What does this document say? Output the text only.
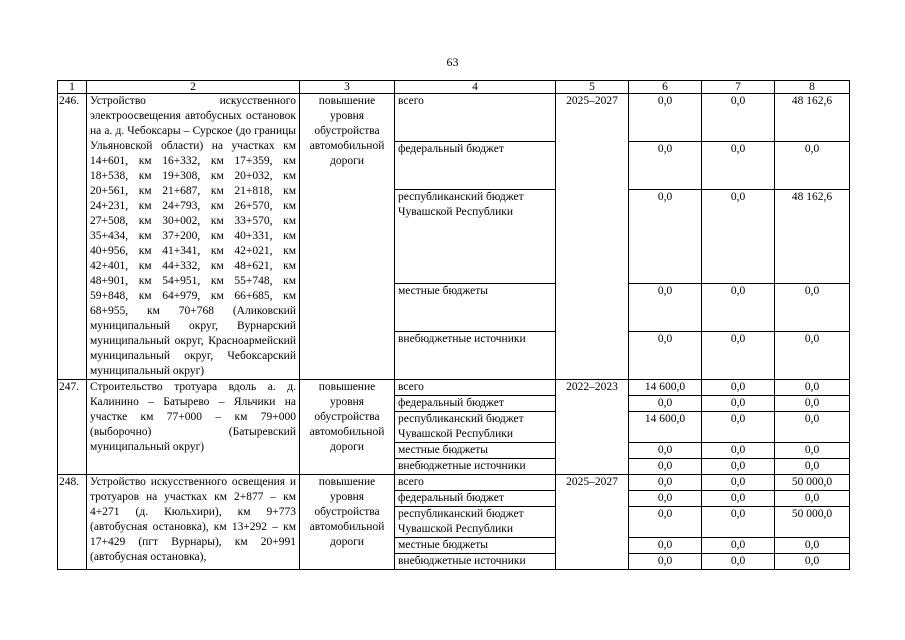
63
1	2	3	4	5	6	7	8
246.	Устройство искусственного электроосвещения автобусных остановок на а. д. Чебоксары – Сурское (до границы Ульяновской области) на участках км 14+601, км 16+332, км 17+359, км 18+538, км 19+308, км 20+032, км 20+561, км 21+687, км 21+818, км 24+231, км 24+793, км 26+570, км 27+508, км 30+002, км 33+570, км 35+434, км 37+200, км 40+331, км 40+956, км 41+341, км 42+021, км 42+401, км 44+332, км 48+621, км 48+901, км 54+951, км 55+748, км 59+848, км 64+979, км 66+685, км 68+955, км 70+768 (Аликовский муниципальный округ, Вурнарский муниципальный округ, Красноармейский муниципальный округ, Чебоксарский муниципальный округ)	повышение уровня обустройства автомобильной дороги	всего	2025–2027	0,0	0,0	48 162,6
			федеральный бюджет		0,0	0,0	0,0
			республиканский бюджет Чувашской Республики		0,0	0,0	48 162,6
			местные бюджеты		0,0	0,0	0,0
			внебюджетные источники		0,0	0,0	0,0
247.	Строительство тротуара вдоль а. д. Калинино – Батырево – Яльчики на участке км 77+000 – км 79+000 (выборочно) (Батыревский муниципальный округ)	повышение уровня обустройства автомобильной дороги	всего	2022–2023	14 600,0	0,0	0,0
			федеральный бюджет		0,0	0,0	0,0
			республиканский бюджет Чувашской Республики		14 600,0	0,0	0,0
			местные бюджеты		0,0	0,0	0,0
			внебюджетные источники		0,0	0,0	0,0
248.	Устройство искусственного освещения и тротуаров на участках км 2+877 – км 4+271 (д. Кюльхири), км 9+773 (автобусная остановка), км 13+292 – км 17+429 (пгт Вурнары), км 20+991 (автобусная остановка),	повышение уровня обустройства автомобильной дороги	всего	2025–2027	0,0	0,0	50 000,0
			федеральный бюджет		0,0	0,0	0,0
			республиканский бюджет Чувашской Республики		0,0	0,0	50 000,0
			местные бюджеты		0,0	0,0	0,0
			внебюджетные источники		0,0	0,0	0,0
